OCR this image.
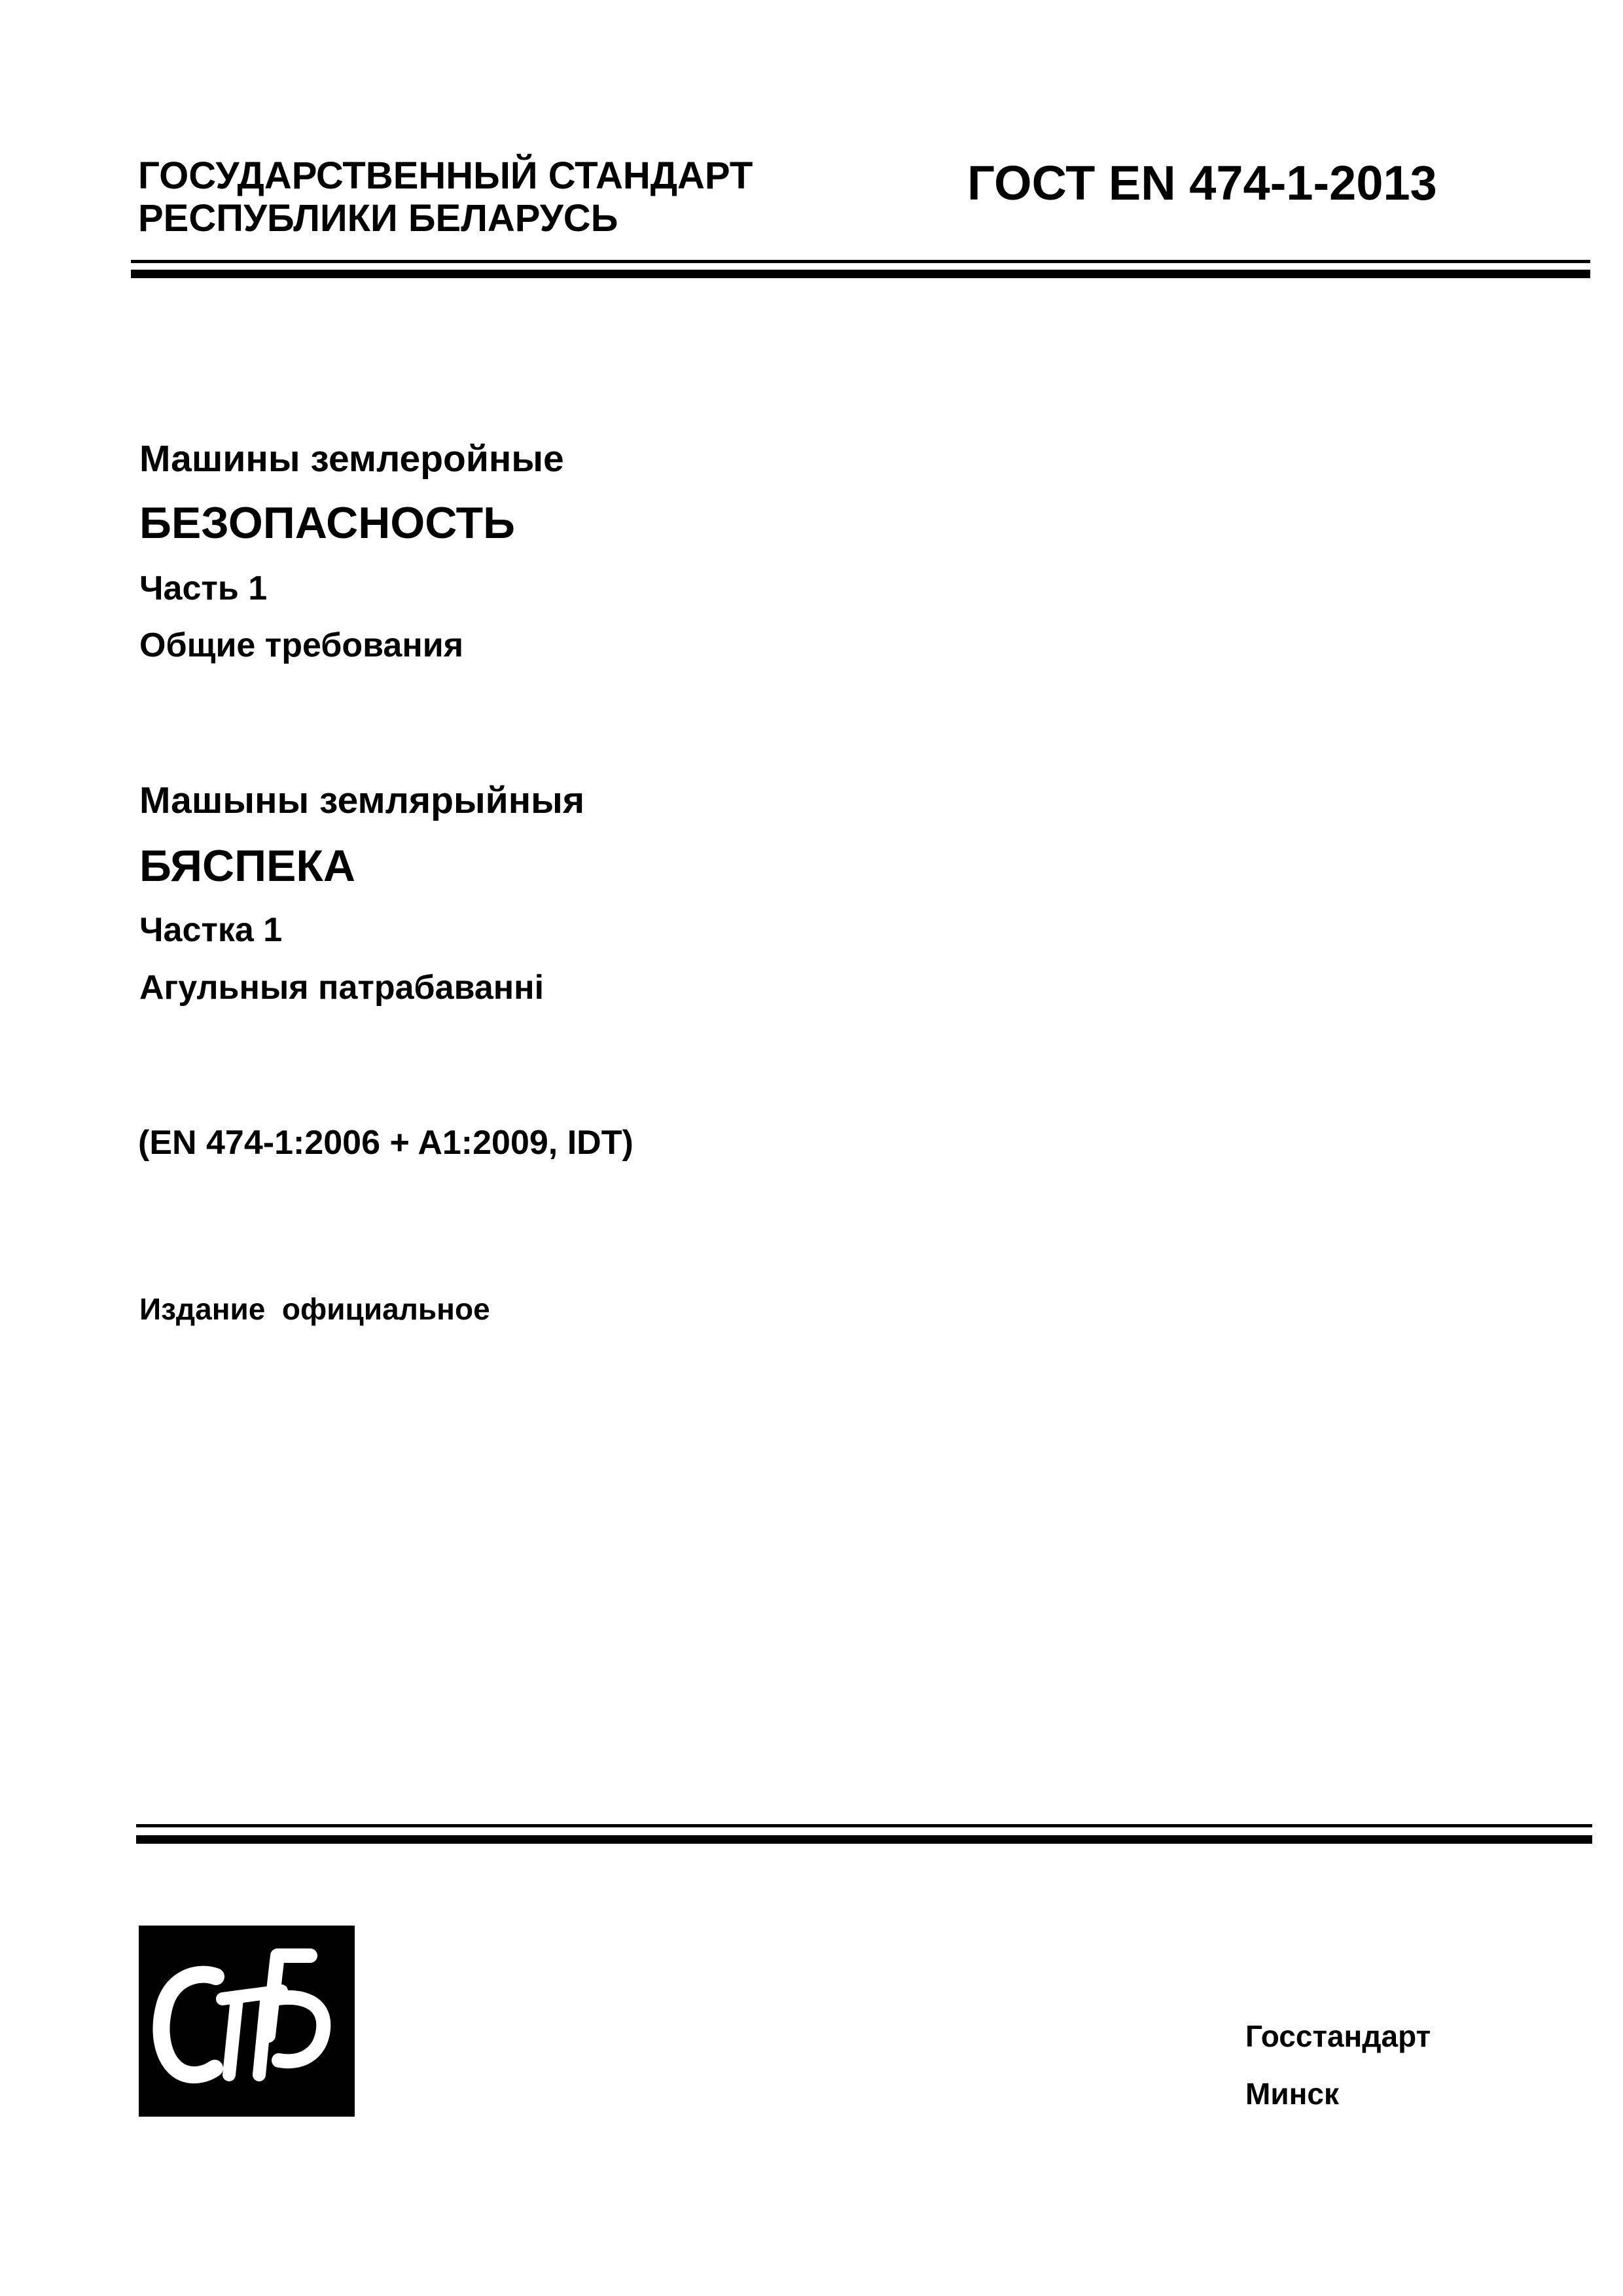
ГОСУДАРСТВЕННЫЙ СТАНДАРТ
РЕСПУБЛИКИ БЕЛАРУСЬ
ГОСТ EN 474-1-2013
Машины землеройные
БЕЗОПАСНОСТЬ
Часть 1
Общие требования
Машыны землярыйныя
БЯСПЕКА
Частка 1
Агульныя патрабаванні
(EN 474-1:2006 + A1:2009, IDT)
Издание  официальное
Госстандарт
Минск
